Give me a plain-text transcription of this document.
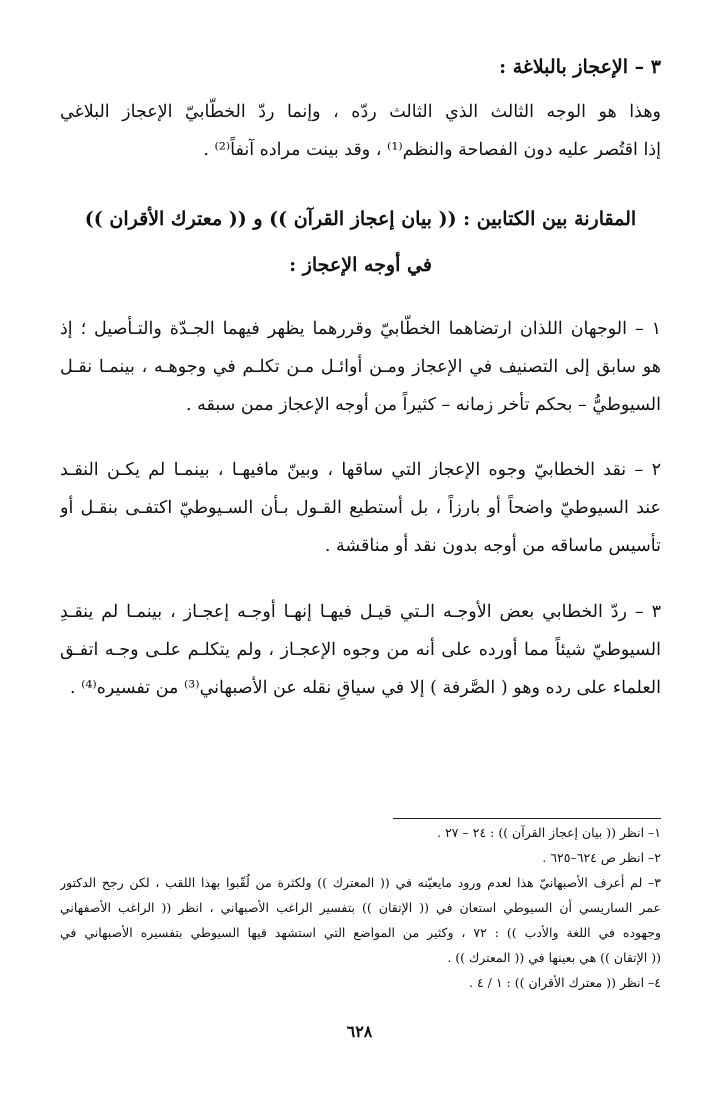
٣ – الإعجاز بالبلاغة :
وهذا هو الوجه الثالث الذي الثالث ردّه ، وإنما ردّ الخطّابيّ الإعجاز البلاغي
إذا اقتُصر عليه دون الفصاحة والنظم⁽¹⁾ ، وقد بينت مراده آنفاً⁽²⁾ .
المقارنة بين الكتابين : (( بيان إعجاز القرآن )) و (( معترك الأقران ))
في أوجه الإعجاز :
١ – الوجهان اللذان ارتضاهما الخطّابيّ وقررهما يظهر فيهما الجـدّة والتـأصيل ؛ إذ
هو سابق إلى التصنيف في الإعجاز ومـن أوائـل مـن تكلـم في وجوهـه ، بينمـا نقـل
السيوطيُّ – بحكم تأخر زمانه – كثيراً من أوجه الإعجاز ممن سبقه .
٢ – نقد الخطابيّ وجوه الإعجاز التي ساقها ، وبينّ مافيهـا ، بينمـا لم يكـن النقـد
عند السيوطيّ واضحاً أو بارزاً ، بل أستطيع القـول بـأن السـيوطيّ اكتفـى بنقـل أو
تأسيس ماساقه من أوجه بدون نقد أو مناقشة .
٣ – ردّ الخطابي بعض الأوجـه الـتي قيـل فيهـا إنهـا أوجـه إعجـاز ، بينمـا لم ينقـدِ
السيوطيّ شيئاً مما أورده على أنه من وجوه الإعجـاز ، ولم يتكلـم علـى وجـه اتفـق
العلماء على رده وهو ( الصَّرفة ) إلا في سياقِ نقله عن الأصبهاني⁽³⁾ من تفسيره⁽⁴⁾ .
١– انظر (( بيان إعجاز القرآن )) : ٢٤ – ٢٧ .
٢– انظر ص ٦٢٤–٦٢٥ .
٣– لم أعرف الأصبهانيّ هذا لعدم ورود مايعيّنه في (( المعترك )) ولكثرة من لُقّبوا بهذا اللقب ، لكن رجح الدكتور
عمر الساريسي أن السيوطي استعان في (( الإتقان )) بتفسير الراغب الأصبهاني ، انظر (( الراغب الأصفهاني
وجهوده في اللغة والأدب )) : ٧٢ ، وكثير من المواضع التي استشهد فيها السيوطي بتفسيره الأصبهاني في
(( الإتقان )) هي بعينها في (( المعترك )) .
٤– انظر (( معترك الأقران )) : ١ / ٤ .
٦٢٨
